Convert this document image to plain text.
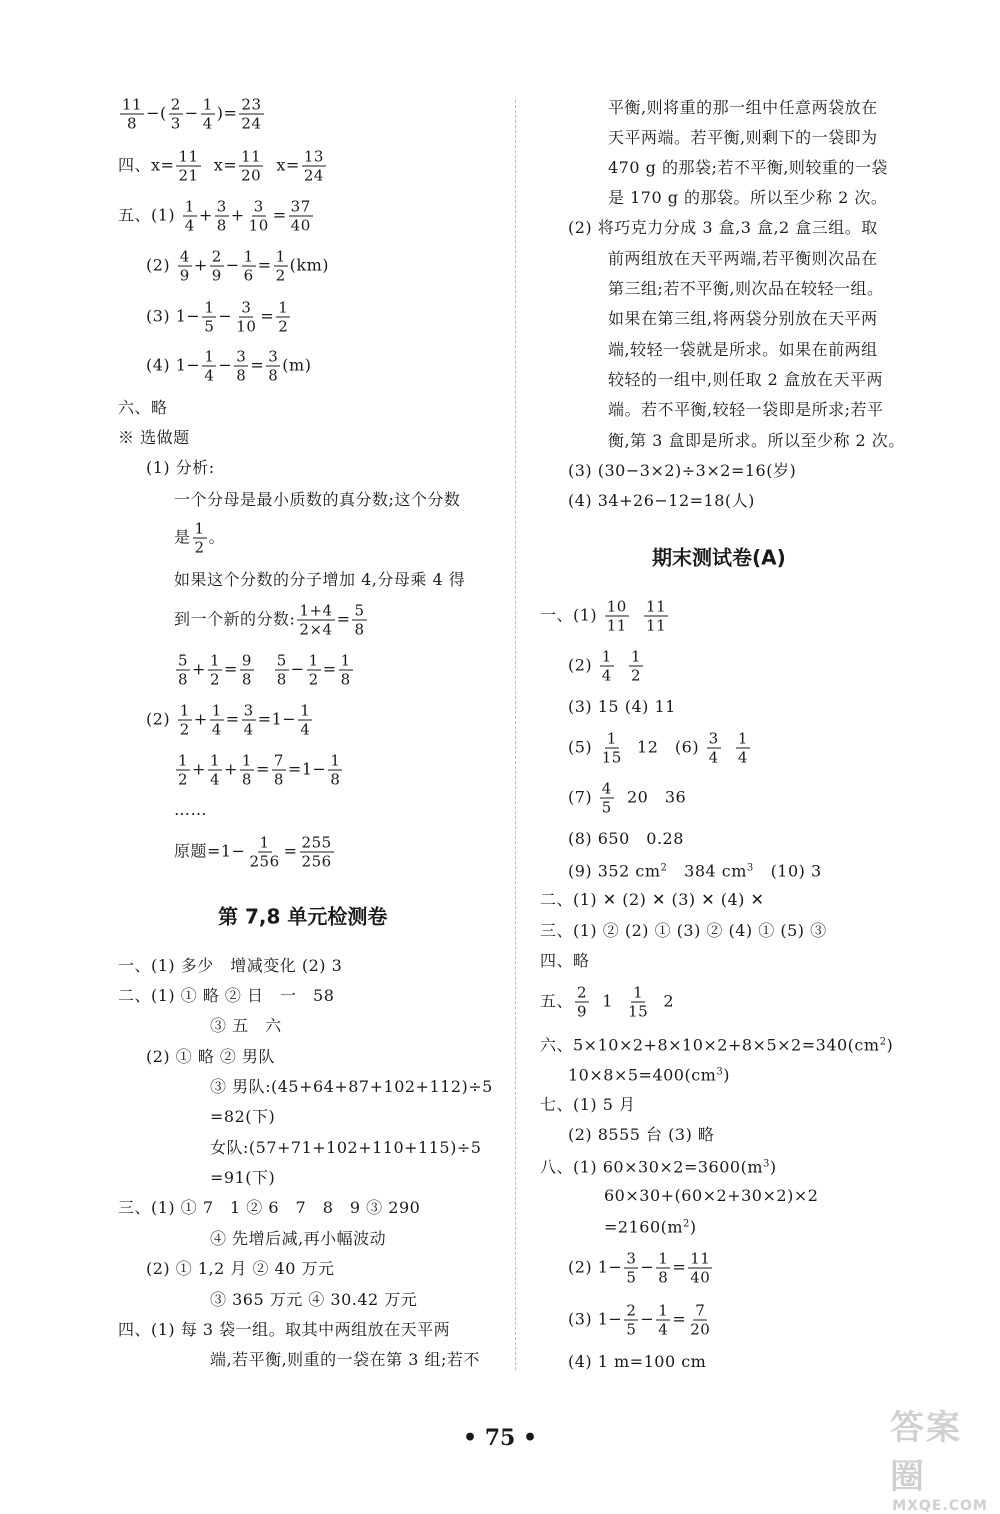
$\frac{11}{8}$ −( $\frac{2}{3} - \frac{1}{4}$ )= $\frac{23}{24}$
四、$x= \frac{11}{21} x= \frac{11}{20} x= \frac{13}{24}$
五、$(1) \frac{1}{4} + \frac{3}{8} + \frac{3}{10} = \frac{37}{40}$
$(2) \frac{4}{9} + \frac{2}{9} - \frac{1}{6} = \frac{1}{2} (km)$
(3) $1- \frac{1}{5} - \frac{3}{10} = \frac{1}{2}$
(4) $1- \frac{1}{4} - \frac{3}{8} = \frac{3}{8} (m)$
六、略
※ 选做题
(1) 分析:
一个分母是最小质数的真分数;这个分数
是 $\frac{1}{2}$ 。
如果这个分数的分子增加 4,分母乘 4 得
到一个新的分数: $\frac{1+4}{2\times 4} = \frac{5}{8}$
$\frac{5}{8} + \frac{1}{2} = \frac{9}{8}$
$\frac{5}{8} - \frac{1}{2} = \frac{1}{8}$
$(2) \frac{1}{2} + \frac{1}{4} = \frac{3}{4} =1- \frac{1}{4}$
$\frac{1}{2} + \frac{1}{4} + \frac{1}{8} = \frac{7}{8} =1- \frac{1}{8}$
……
原题$=1- \frac{1}{256} = \frac{255}{256}$
第 7,8 单元检测卷
一、(1) 多少　增减变化 (2) 3
二、(1) ① 略 ② 日　一　58
③ 五　六
(2) ① 略 ② 男队
③ 男队:(45+64+87+102+112)÷5
=82(下)
女队:(57+71+102+110+115)÷5
=91(下)
三、(1) ① 7　1 ② 6　7　8　9 ③ 290
④ 先增后减,再小幅波动
(2) ① 1,2 月 ② 40 万元
③ 365 万元 ④ 30.42 万元
四、(1) 每 3 袋一组。取其中两组放在天平两
端,若平衡,则重的一袋在第 3 组;若不
平衡,则将重的那一组中任意两袋放在
天平两端。若平衡,则剩下的一袋即为
470 g 的那袋;若不平衡,则较重的一袋
是 170 g 的那袋。所以至少称 2 次。
(2) 将巧克力分成 3 盒,3 盒,2 盒三组。取
前两组放在天平两端,若平衡则次品在
第三组;若不平衡,则次品在较轻一组。
如果在第三组,将两袋分别放在天平两
端,较轻一袋就是所求。如果在前两组
较轻的一组中,则任取 2 盒放在天平两
端。若不平衡,较轻一袋即是所求;若平
衡,第 3 盒即是所求。所以至少称 2 次。
(3) (30−3×2)÷3×2=16(岁)
(4) 34+26−12=18(人)
期末测试卷(A)
一、$(1) \frac{10}{11}$
$\frac{11}{11}$
$(2) \frac{1}{4}$
$\frac{1}{2}$
(3) 15 (4) 11
$(5) \frac{1}{15} 12$　$(6) \frac{3}{4}$
$\frac{1}{4}$
$(7) \frac{4}{5} 20$　36
(8) 650　0.28
(9) 352 $cm^2$ 384 $cm^3$ (10) 3
二、(1) ✕ (2) ✕ (3) ✕ (4) ✕
三、(1) ② (2) ① (3) ② (4) ① (5) ③
四、略
五、 $\frac{2}{9} 1 \frac{1}{15} 2$
六、$5\times 10\times 2+8\times 10\times 2+8\times 5\times 2=340(cm^2)$
$10\times 8\times 5=400(cm^3)$
七、(1) 5 月
(2) 8555 台 (3) 略
八、(1) $60\times 30\times 2=3600(m^3)$
60×30+(60×2+30×2)×2
$=2160(m^2)$
(2) $1- \frac{3}{5} - \frac{1}{8} = \frac{11}{40}$
(3) $1- \frac{2}{5} - \frac{1}{4} = \frac{7}{20}$
(4) 1 m=100 cm
• 75 •	答案圈
MXQE.COM
